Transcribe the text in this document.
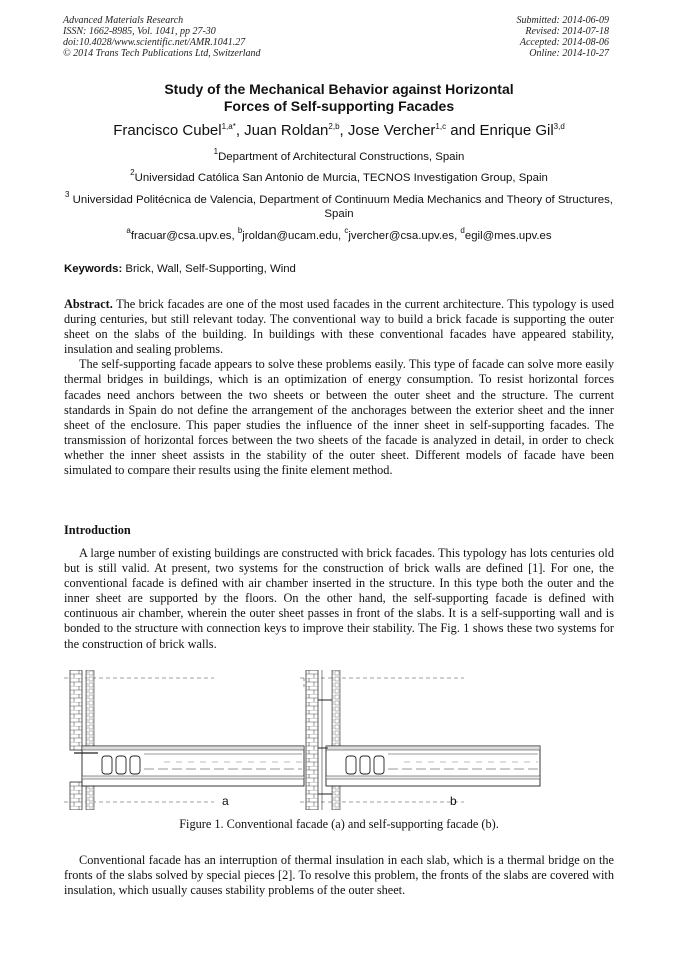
Advanced Materials Research
ISSN: 1662-8985, Vol. 1041, pp 27-30
doi:10.4028/www.scientific.net/AMR.1041.27
© 2014 Trans Tech Publications Ltd, Switzerland
Submitted: 2014-06-09
Revised: 2014-07-18
Accepted: 2014-08-06
Online: 2014-10-27
Study of the Mechanical Behavior against Horizontal
Forces of Self-supporting Facades
Francisco Cubel$^{1,a*}$, Juan Roldan$^{2,b}$, Jose Vercher$^{1,c}$ and Enrique Gil$^{3,d}$
$^1$Department of Architectural Constructions, Spain
$^2$Universidad Católica San Antonio de Murcia, TECNOS Investigation Group, Spain
$^3$ Universidad Politécnica de Valencia, Department of Continuum Media Mechanics and Theory of Structures, Spain
$^a$fracuar@csa.upv.es, $^b$jroldan@ucam.edu, $^c$jvercher@csa.upv.es, $^d$egil@mes.upv.es
Keywords: Brick, Wall, Self-Supporting, Wind

Abstract. The brick facades are one of the most used facades in the current architecture. This typology is used during centuries, but still relevant today. The conventional way to build a brick facade is supporting the outer sheet on the slabs of the building. In buildings with these conventional facades have appeared stability, insulation and sealing problems.

The self-supporting facade appears to solve these problems easily. This type of facade can solve more easily thermal bridges in buildings, which is an optimization of energy consumption. To resist horizontal forces facades need anchors between the two sheets or between the outer sheet and the structure. The current standards in Spain do not define the arrangement of the anchorages between the exterior sheet and the inner sheet of the enclosure. This paper studies the influence of the inner sheet in self-supporting facades. The transmission of horizontal forces between the two sheets of the facade is analyzed in detail, in order to check whether the inner sheet assists in the stability of the outer sheet. Different models of facade have been simulated to compare their results using the finite element method.

Introduction

A large number of existing buildings are constructed with brick facades. This typology has lots centuries old but is still valid. At present, two systems for the construction of brick walls are defined [1]. For one, the conventional facade is defined with air chamber inserted in the structure. In this type both the outer and the inner sheet are supported by the floors. On the other hand, the self-supporting facade is defined with continuous air chamber, wherein the outer sheet passes in front of the slabs. It is a self-supporting wall and is bonded to the structure with connection keys to improve their stability. The Fig. 1 shows these two systems for the construction of brick walls.

a	b
Figure 1. Conventional facade (a) and self-supporting facade (b).

Conventional facade has an interruption of thermal insulation in each slab, which is a thermal bridge on the fronts of the slabs solved by special pieces [2]. To resolve this problem, the fronts of the slabs are covered with insulation, which usually causes stability problems of the outer sheet.
